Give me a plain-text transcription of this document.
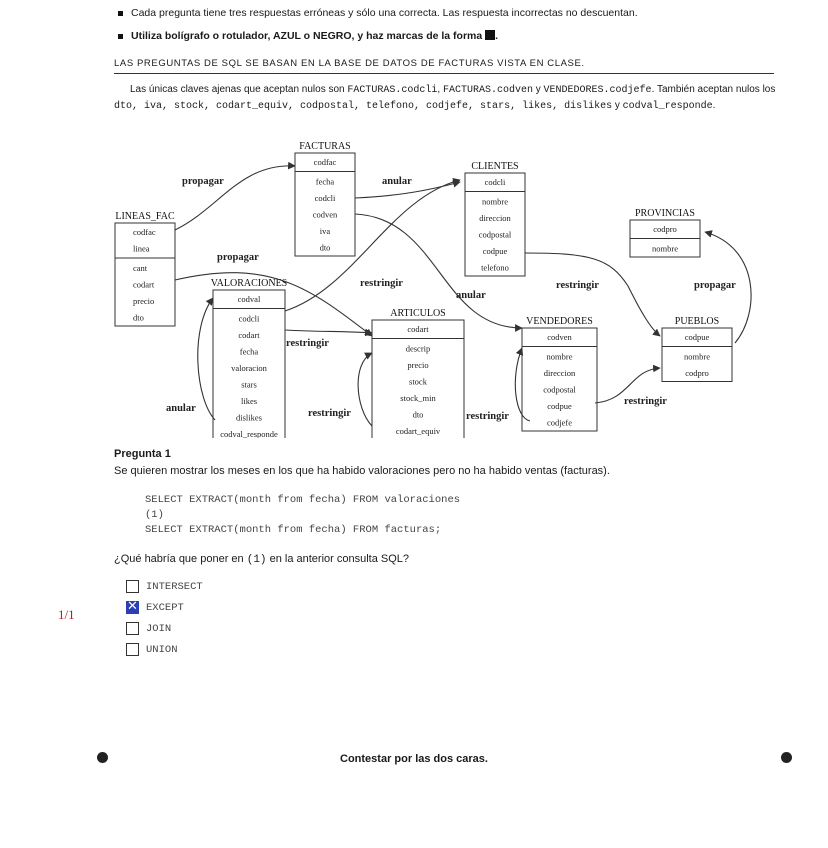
Cada pregunta tiene tres respuestas erróneas y sólo una correcta. Las respuesta incorrectas no descuentan.
Utiliza bolígrafo o rotulador, AZUL o NEGRO, y haz marcas de la forma .
LAS PREGUNTAS DE SQL SE BASAN EN LA BASE DE DATOS DE FACTURAS VISTA EN CLASE.
Las únicas claves ajenas que aceptan nulos son FACTURAS.codcli, FACTURAS.codven y VENDEDORES.codjefe. También aceptan nulos los dto, iva, stock, codart_equiv, codpostal, telefono, codjefe, stars, likes, dislikes y codval_responde.
FACTURAS
codfac
fecha
codcli
codven
iva
dto
CLIENTES
codcli
nombre
direccion
codpostal
codpue
telefono
PROVINCIAS
codpro
nombre
LINEAS_FAC
codfac
linea
cant
codart
precio
dto
VALORACIONES
codval
codcli
codart
fecha
valoracion
stars
likes
dislikes
codval_responde
ARTICULOS
codart
descrip
precio
stock
stock_min
dto
codart_equiv
VENDEDORES
codven
nombre
direccion
codpostal
codpue
codjefe
PUEBLOS
codpue
nombre
codpro
propagar	anular
restringir
propagar
anular
restringir	propagar
restringir
anular	restringir	restringir
restringir
Pregunta 1
Se quieren mostrar los meses en los que ha habido valoraciones pero no ha habido ventas (facturas).
SELECT EXTRACT(month from fecha) FROM valoraciones
(1)
SELECT EXTRACT(month from fecha) FROM facturas;
¿Qué habría que poner en (1) en la anterior consulta SQL?
INTERSECT
✕
EXCEPT
JOIN
UNION
1/1
Contestar por las dos caras.
